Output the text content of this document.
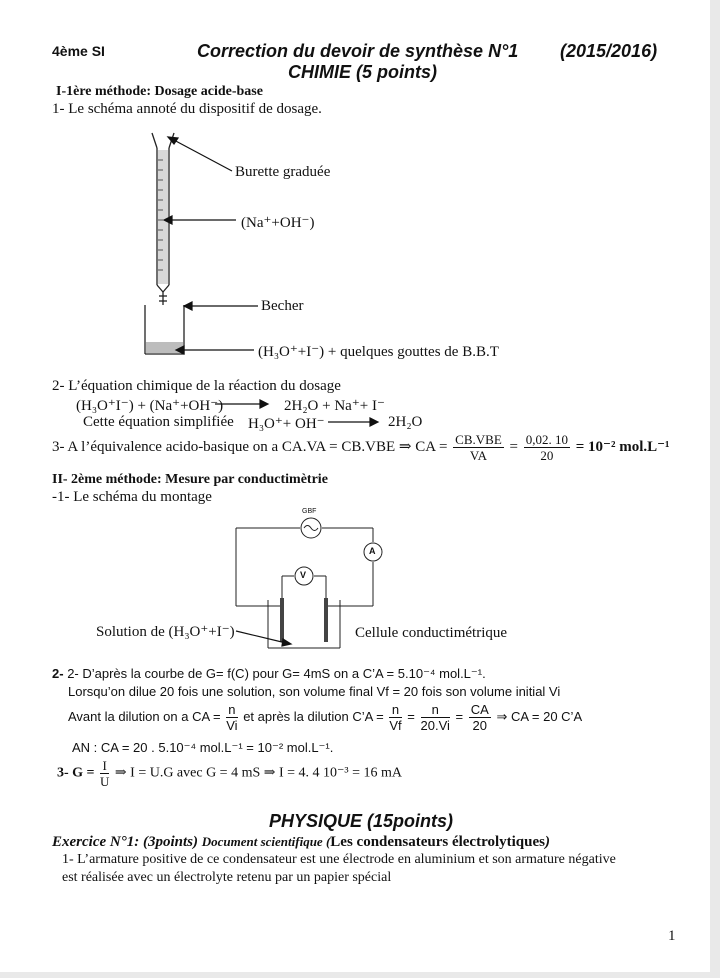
4ème SI	Correction du devoir de synthèse N°1 (2015/2016)
CHIMIE (5 points)
I-1ère méthode: Dosage acide-base
1- Le schéma annoté du dispositif de dosage.
Burette graduée
(Na⁺+OH⁻)
Becher
(H₃O⁺+I⁻) + quelques gouttes de B.B.T
2- L’équation chimique de la réaction du dosage
(H₃O⁺I⁻) + (Na⁺+OH⁻)	2H₂O + Na⁺+ I⁻
Cette équation simplifiée H₃O⁺+ OH⁻	2H₂O
3- A l’équivalence acido-basique on a CA.VA = CB.VBE ⇒ CA = $\frac{\text{CB.VBE}}{VA} = \frac{0,02. 10}{20} = 10^{-2}$ mol.L⁻¹
II- 2ème méthode: Mesure par conductimètrie
-1- Le schéma du montage
GBF
A
V
Solution de (H₃O⁺+I⁻)	Cellule conductimétrique
2- 2- D’après la courbe de G= f(C) pour G= 4mS on a C’A = 5.10⁻⁴ mol.L⁻¹.
Lorsqu’on dilue 20 fois une solution, son volume final Vf = 20 fois son volume initial Vi
Avant la dilution on a CA = $\frac{n}{Vi}$ et après la dilution C’A = $\frac{n}{Vf} = \frac{n}{20.Vi} = \frac{CA}{20}$ ⇒ CA = 20 C’A
AN : CA = 20 . 5.10⁻⁴ mol.L⁻¹ = 10⁻² mol.L⁻¹.
3- $G = \frac{I}{U}$ ⇒ I = U.G avec G = 4 mS ⇒ I = 4. 4 10⁻³ = 16 mA
PHYSIQUE (15points)
Exercice N°1: (3points) Document scientifique (Les condensateurs électrolytiques)
1- L’armature positive de ce condensateur est une électrode en aluminium et son armature négative
est réalisée avec un électrolyte retenu par un papier spécial
1
